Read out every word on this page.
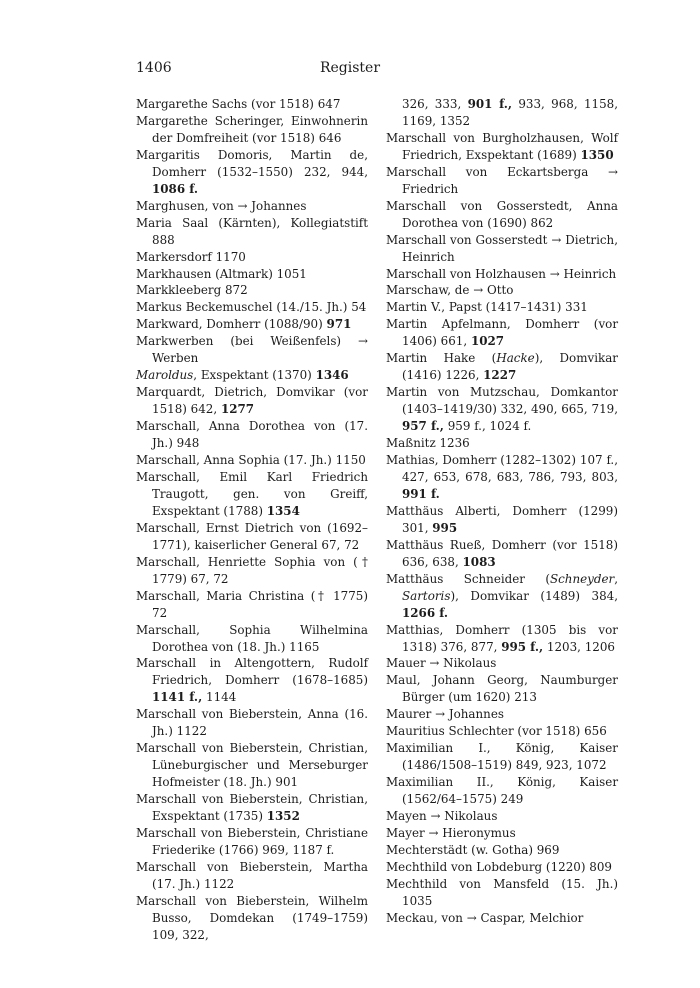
1406	Register
Margarethe Sachs (vor 1518) 647
Margarethe Scheringer, Einwohnerin der Domfreiheit (vor 1518) 646
Margaritis Domoris, Martin de, Domherr (1532–1550) 232, 944, 1086 f.
Marghusen, von → Johannes
Maria Saal (Kärnten), Kollegiatstift 888
Markersdorf 1170
Markhausen (Altmark) 1051
Markkleeberg 872
Markus Beckemuschel (14./15. Jh.) 54
Markward, Domherr (1088/90) 971
Markwerben (bei Weißenfels) → Werben
Maroldus, Exspektant (1370) 1346
Marquardt, Dietrich, Domvikar (vor 1518) 642, 1277
Marschall, Anna Dorothea von (17. Jh.) 948
Marschall, Anna Sophia (17. Jh.) 1150
Marschall, Emil Karl Friedrich Traugott, gen. von Greiff, Exspektant (1788) 1354
Marschall, Ernst Dietrich von (1692–1771), kaiserlicher General 67, 72
Marschall, Henriette Sophia von († 1779) 67, 72
Marschall, Maria Christina († 1775) 72
Marschall, Sophia Wilhelmina Dorothea von (18. Jh.) 1165
Marschall in Altengottern, Rudolf Friedrich, Domherr (1678–1685) 1141 f., 1144
Marschall von Bieberstein, Anna (16. Jh.) 1122
Marschall von Bieberstein, Christian, Lüneburgischer und Merseburger Hofmeister (18. Jh.) 901
Marschall von Bieberstein, Christian, Exspektant (1735) 1352
Marschall von Bieberstein, Christiane Friederike (1766) 969, 1187 f.
Marschall von Bieberstein, Martha (17. Jh.) 1122
Marschall von Bieberstein, Wilhelm Busso, Domdekan (1749–1759) 109, 322,
326, 333, 901 f., 933, 968, 1158, 1169, 1352
Marschall von Burgholzhausen, Wolf Friedrich, Exspektant (1689) 1350
Marschall von Eckartsberga → Friedrich
Marschall von Gosserstedt, Anna Dorothea von (1690) 862
Marschall von Gosserstedt → Dietrich, Heinrich
Marschall von Holzhausen → Heinrich
Marschaw, de → Otto
Martin V., Papst (1417–1431) 331
Martin Apfelmann, Domherr (vor 1406) 661, 1027
Martin Hake (Hacke), Domvikar (1416) 1226, 1227
Martin von Mutzschau, Domkantor (1403–1419/30) 332, 490, 665, 719, 957 f., 959 f., 1024 f.
Maßnitz 1236
Mathias, Domherr (1282–1302) 107 f., 427, 653, 678, 683, 786, 793, 803, 991 f.
Matthäus Alberti, Domherr (1299) 301, 995
Matthäus Rueß, Domherr (vor 1518) 636, 638, 1083
Matthäus Schneider (Schneyder, Sartoris), Domvikar (1489) 384, 1266 f.
Matthias, Domherr (1305 bis vor 1318) 376, 877, 995 f., 1203, 1206
Mauer → Nikolaus
Maul, Johann Georg, Naumburger Bürger (um 1620) 213
Maurer → Johannes
Mauritius Schlechter (vor 1518) 656
Maximilian I., König, Kaiser (1486/1508–1519) 849, 923, 1072
Maximilian II., König, Kaiser (1562/64–1575) 249
Mayen → Nikolaus
Mayer → Hieronymus
Mechterstädt (w. Gotha) 969
Mechthild von Lobdeburg (1220) 809
Mechthild von Mansfeld (15. Jh.) 1035
Meckau, von → Caspar, Melchior
